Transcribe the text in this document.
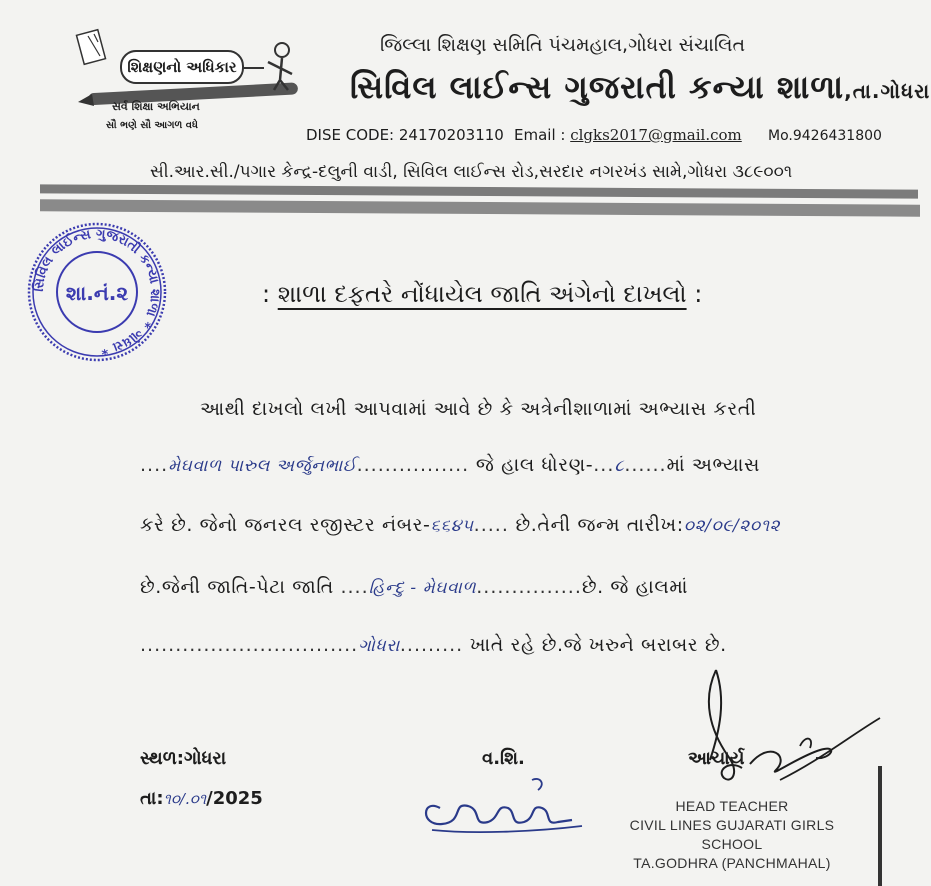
શિક્ષણનો અધિકાર
સર્વ શિક્ષા અભિયાન
સૌ ભણે સૌ આગળ વધે
જિલ્લા શિક્ષણ સમિતિ પંચમહાલ,ગોધરા સંચાલિત
સિવિલ લાઈન્સ ગુજરાતી કન્યા શાળા,તા.ગોધરા
DISE CODE: 24170203110 Email : clgks2017@gmail.com Mo.9426431800
સી.આર.સી./પગાર કેન્દ્ર-દલુની વાડી, સિવિલ લાઈન્સ રોડ,સરદાર નગરખંડ સામે,ગોધરા ૩૮૯૦૦૧
સિવિલ લાઈન્સ ગુજરાતી કન્યા શાળા * ગોધરા *
શા.નં.૨	: શાળા દફતરે નોંધાયેલ જાતિ અંગેનો દાખલો :
આથી દાખલો લખી આપવામાં આવે છે કે અત્રેનીશાળામાં અભ્યાસ કરતી
....મેઘવાળ પારુલ અર્જુનભાઈ................ જે હાલ ધોરણ-...૮......માં અભ્યાસ
કરે છે. જેનો જનરલ રજીસ્ટર નંબર-૬૬૪૫..... છે.તેની જન્મ તારીખ:૦૨/૦૯/૨૦૧૨
છે.જેની જાતિ-પેટા જાતિ ....હિન્દુ - મેઘવાળ...............છે. જે હાલમાં
...............................ગોધરા......... ખાતે રહે છે.જે ખરુને બરાબર છે.
સ્થળ:ગોધરા
તા:૧૦/.૦૧/2025
વ.શિ.	આચાર્ય
HEAD TEACHER
CIVIL LINES GUJARATI GIRLS SCHOOL
TA.GODHRA (PANCHMAHAL)
